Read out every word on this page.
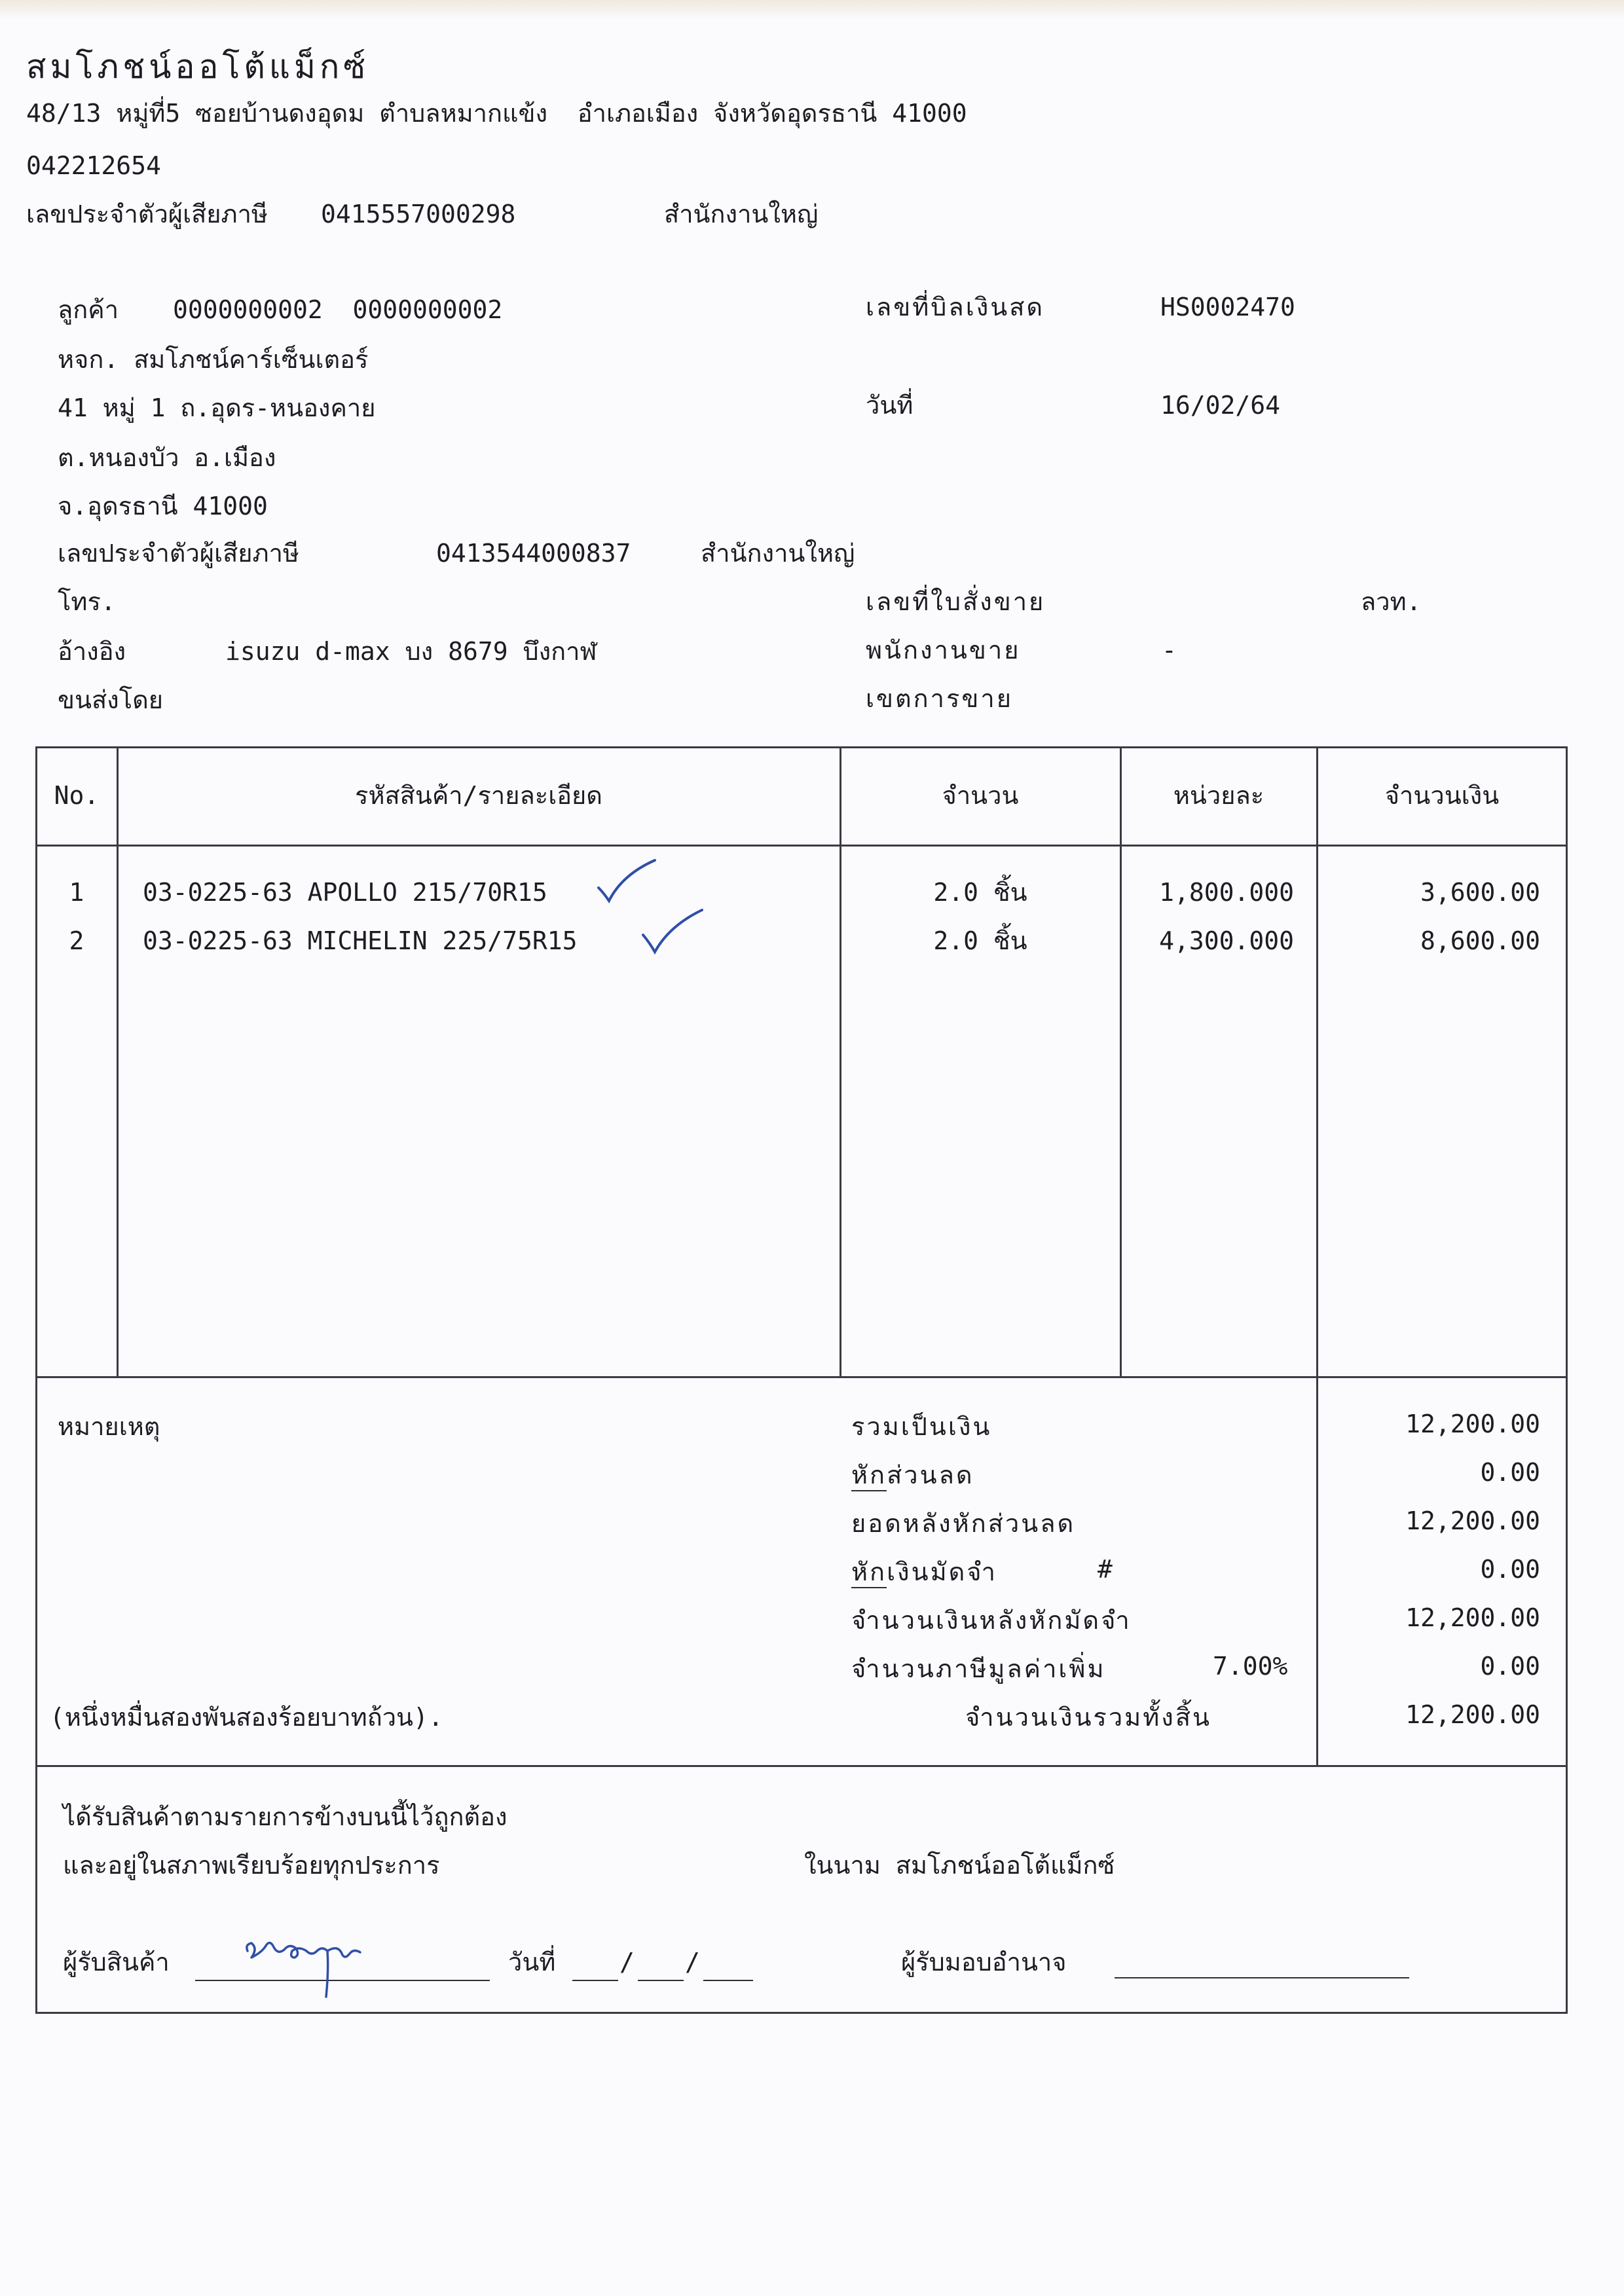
สมโภชน์ออโต้แม็กซ์
48/13 หมู่ที่5 ซอยบ้านดงอุดม ตำบลหมากแข้ง  อำเภอเมือง จังหวัดอุดรธานี 41000
042212654
เลขประจำตัวผู้เสียภาษี 0415557000298	สำนักงานใหญ่
ลูกค้า 0000000002  0000000002
หจก. สมโภชน์คาร์เซ็นเตอร์
41 หมู่ 1 ถ.อุดร-หนองคาย
ต.หนองบัว อ.เมือง
จ.อุดรธานี 41000
เลขประจำตัวผู้เสียภาษี	0413544000837	สำนักงานใหญ่
โทร.
อ้างอิง	isuzu d-max บง 8679 บึงกาฬ
ขนส่งโดย
เลขที่บิลเงินสด	HS0002470
วันที่	16/02/64
เลขที่ใบสั่งขาย	ลวท.
พนักงานขาย	-
เขตการขาย
No.	รหัสสินค้า/รายละเอียด	จำนวน	หน่วยละ	จำนวนเงิน
1	03-0225-63 APOLLO 215/70R15	2.0 ชิ้น	1,800.000	3,600.00
2	03-0225-63 MICHELIN 225/75R15	2.0 ชิ้น	4,300.000	8,600.00
หมายเหตุ	รวมเป็นเงิน	12,200.00
หักส่วนลด	0.00
ยอดหลังหักส่วนลด	12,200.00
หักเงินมัดจำ	#	0.00
จำนวนเงินหลังหักมัดจำ	12,200.00
จำนวนภาษีมูลค่าเพิ่ม	7.00%	0.00
(หนึ่งหมื่นสองพันสองร้อยบาทถ้วน).	จำนวนเงินรวมทั้งสิ้น	12,200.00
ได้รับสินค้าตามรายการข้างบนนี้ไว้ถูกต้อง
และอยู่ในสภาพเรียบร้อยทุกประการ	ในนาม สมโภชน์ออโต้แม็กซ์
ผู้รับสินค้า	วันที่	/ /	ผู้รับมอบอำนาจ
